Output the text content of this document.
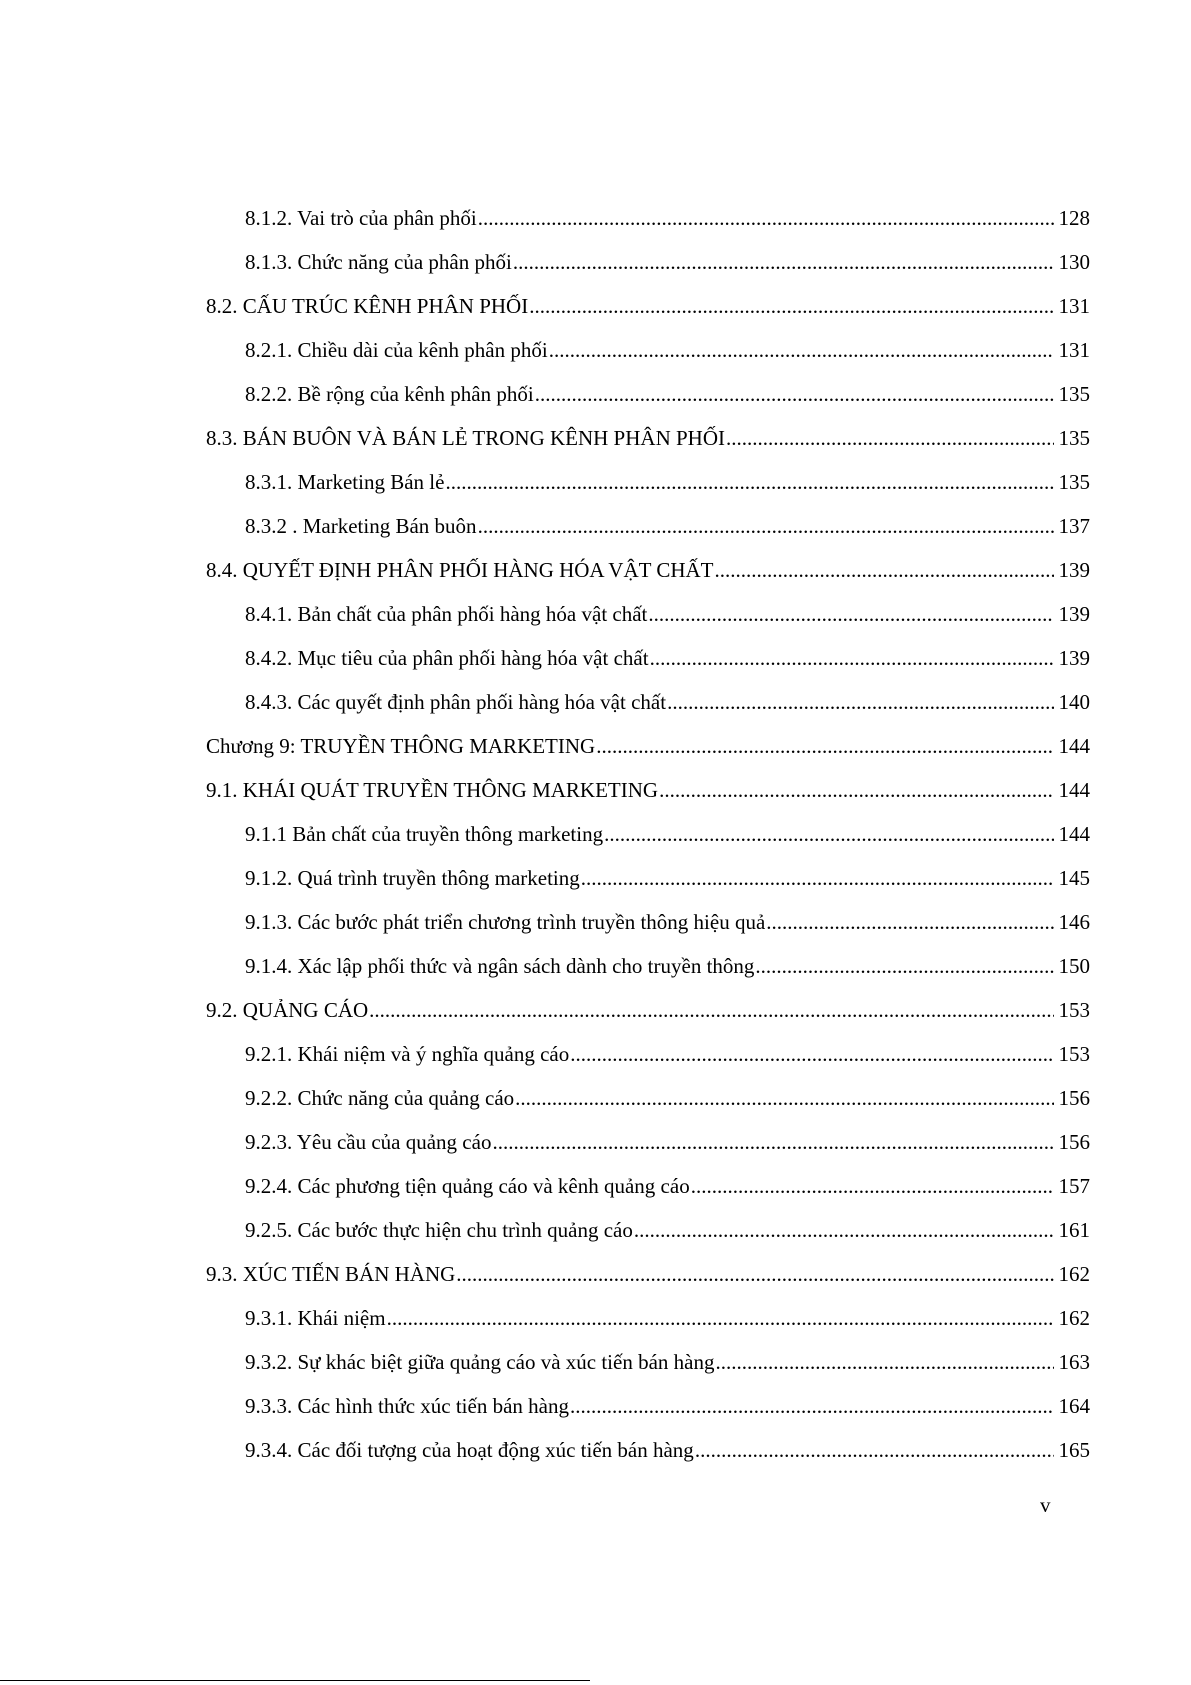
8.1.2. Vai trò của phân phối .....	128
8.1.3. Chức năng của phân phối .....	130
8.2. CẤU TRÚC KÊNH PHÂN PHỐI .....	131
8.2.1. Chiều dài của kênh phân phối .....	131
8.2.2. Bề rộng của kênh phân phối .....	135
8.3. BÁN BUÔN VÀ BÁN LẺ TRONG KÊNH PHÂN PHỐI .....	135
8.3.1. Marketing Bán lẻ .....	135
8.3.2 . Marketing Bán buôn .....	137
8.4. QUYẾT ĐỊNH PHÂN PHỐI HÀNG HÓA VẬT CHẤT .....	139
8.4.1. Bản chất của phân phối hàng hóa vật chất .....	139
8.4.2. Mục tiêu của phân phối hàng hóa vật chất .....	139
8.4.3. Các quyết định phân phối hàng hóa vật chất .....	140
Chương 9: TRUYỀN THÔNG MARKETING .....	144
9.1. KHÁI QUÁT TRUYỀN THÔNG MARKETING .....	144
9.1.1 Bản chất của truyền thông marketing .....	144
9.1.2. Quá trình truyền thông marketing .....	145
9.1.3. Các bước phát triển chương trình truyền thông hiệu quả .....	146
9.1.4. Xác lập phối thức và ngân sách dành cho truyền thông .....	150
9.2. QUẢNG CÁO .....	153
9.2.1. Khái niệm và ý nghĩa quảng cáo .....	153
9.2.2. Chức năng của quảng cáo .....	156
9.2.3. Yêu cầu của quảng cáo .....	156
9.2.4. Các phương tiện quảng cáo và kênh quảng cáo .....	157
9.2.5. Các bước thực hiện chu trình quảng cáo .....	161
9.3. XÚC TIẾN BÁN HÀNG .....	162
9.3.1. Khái niệm .....	162
9.3.2. Sự khác biệt giữa quảng cáo và xúc tiến bán hàng .....	163
9.3.3. Các hình thức xúc tiến bán hàng .....	164
9.3.4. Các đối tượng của hoạt động xúc tiến bán hàng .....	165
v
